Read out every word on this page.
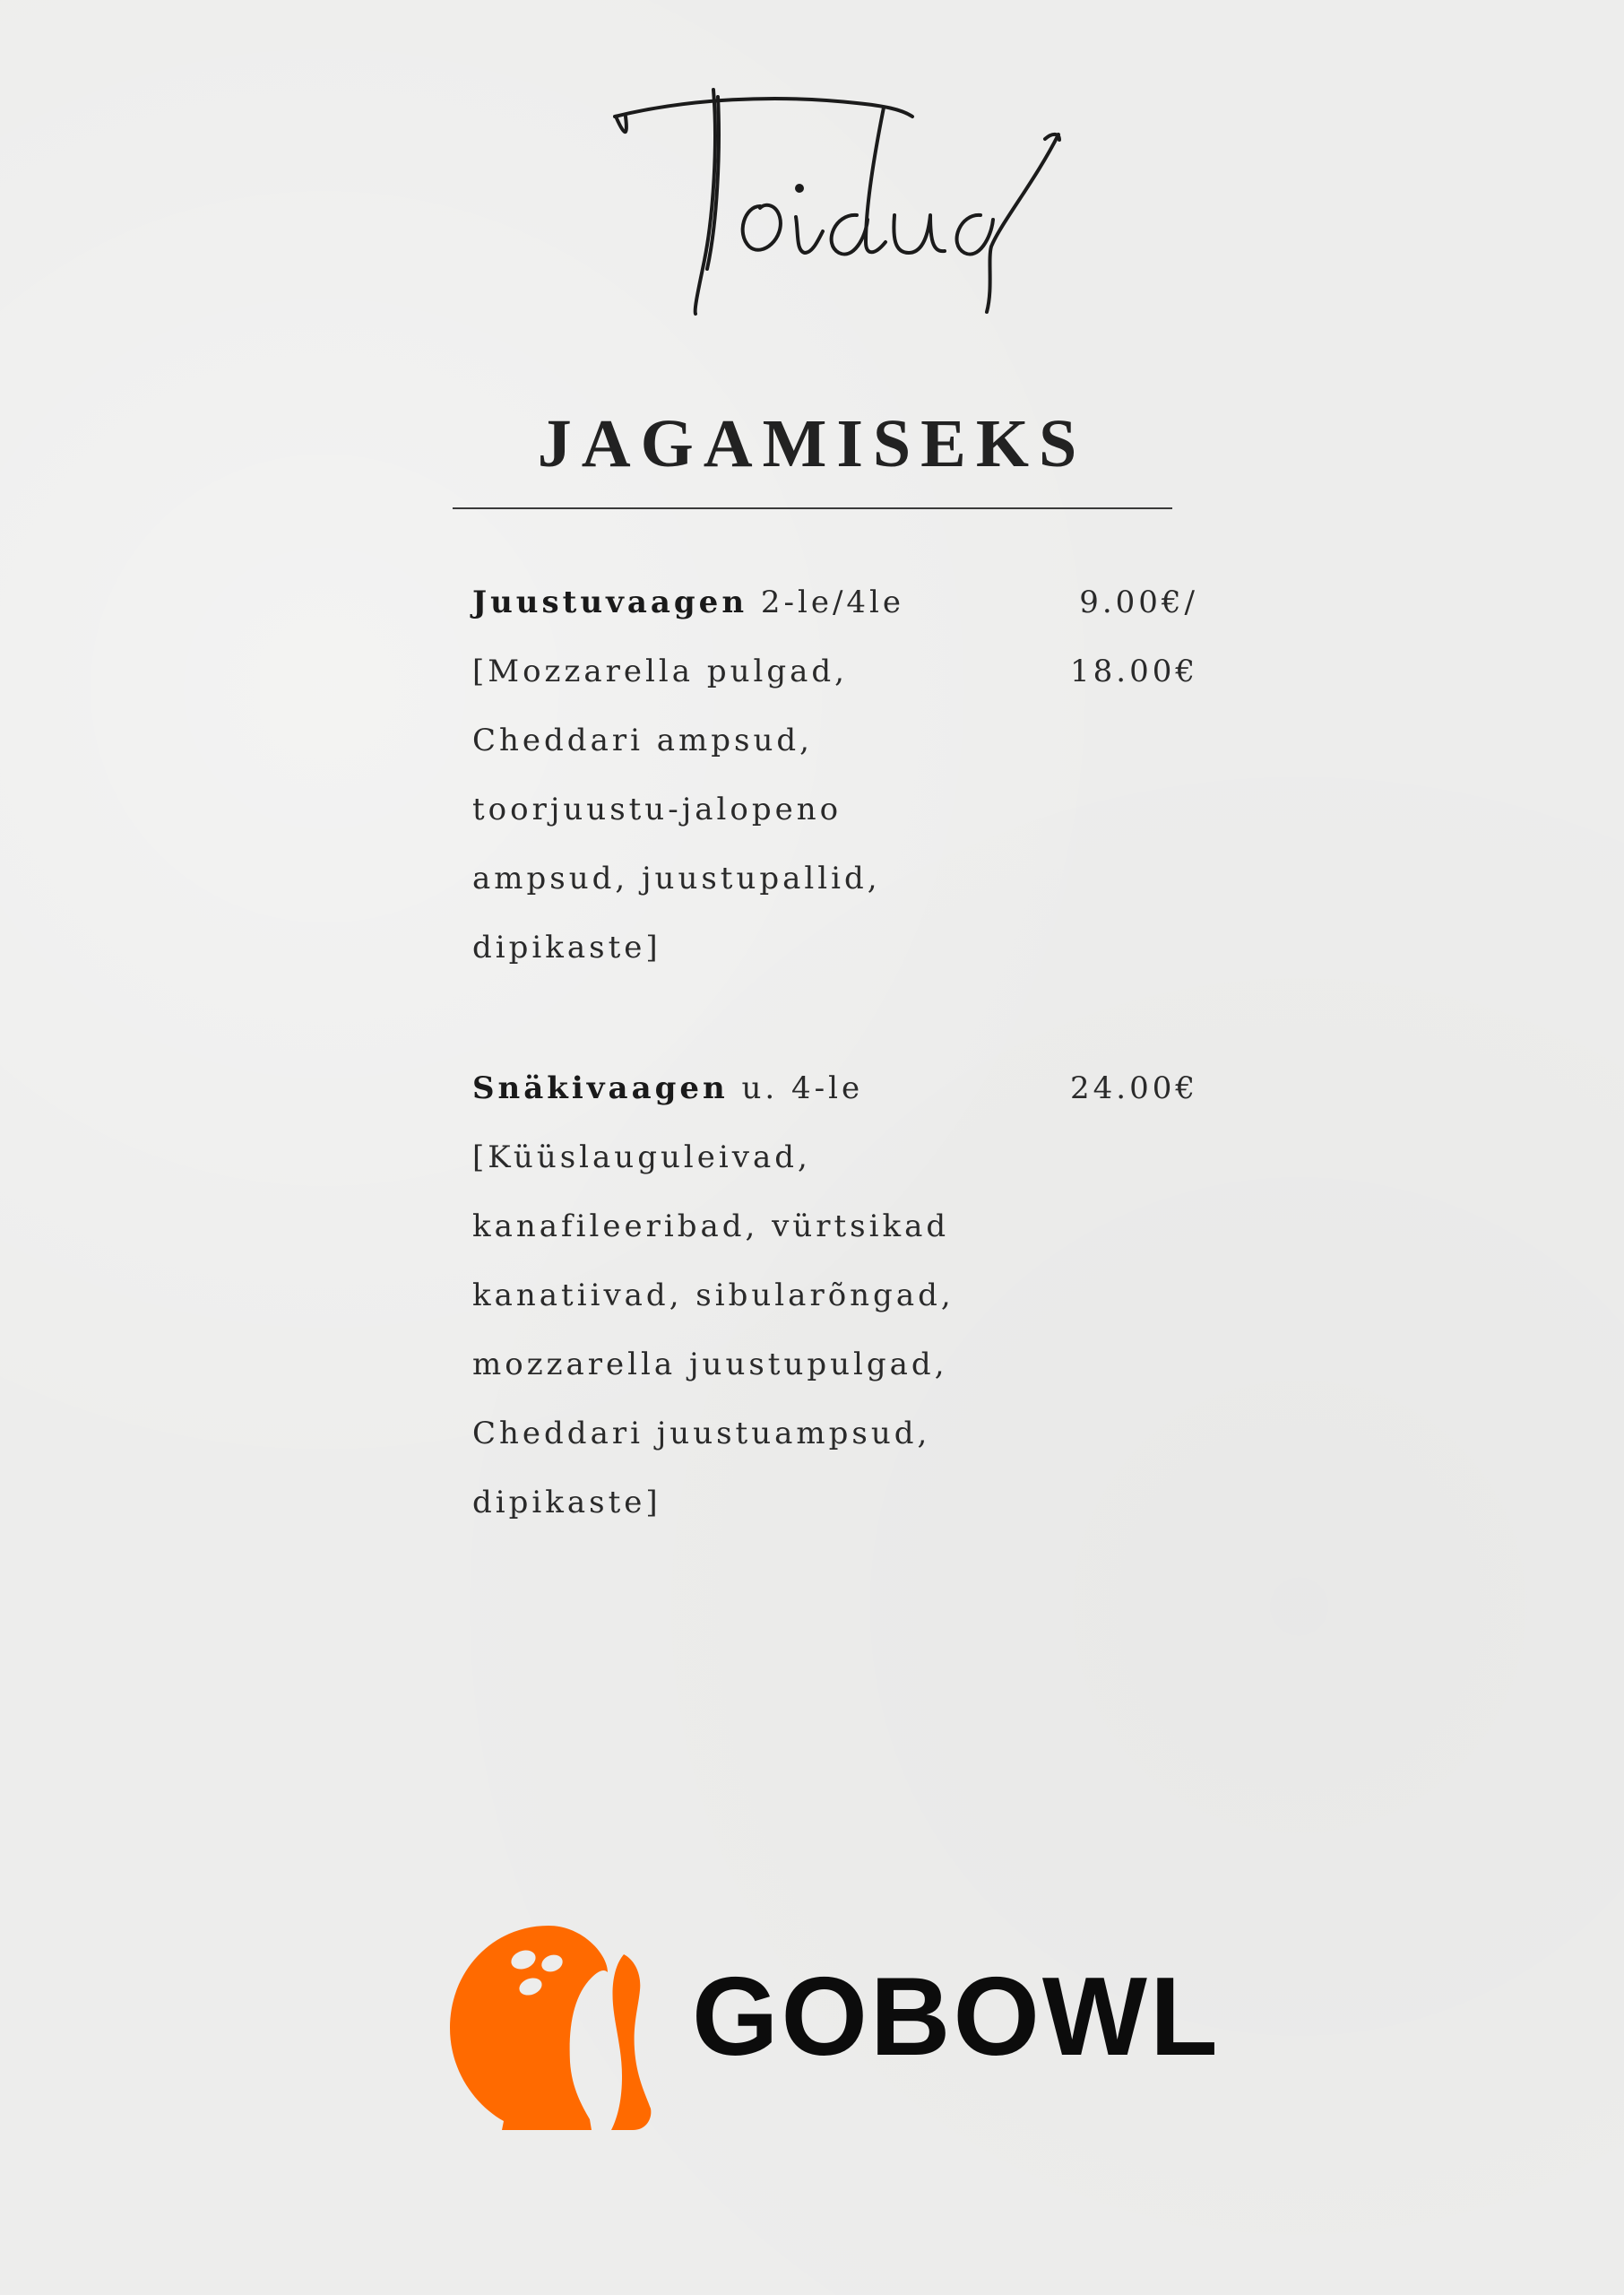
JAGAMISEKS
Juustuvaagen 2-le/4le
[Mozzarella pulgad,
Cheddari ampsud,
toorjuustu-jalopeno
ampsud, juustupallid,
dipikaste]
9.00€/
18.00€
Snäkivaagen u. 4-le
[Küüslauguleivad,
kanafileeribad, vürtsikad
kanatiivad, sibularõngad,
mozzarella juustupulgad,
Cheddari juustuampsud,
dipikaste]
24.00€
GOBOWL
